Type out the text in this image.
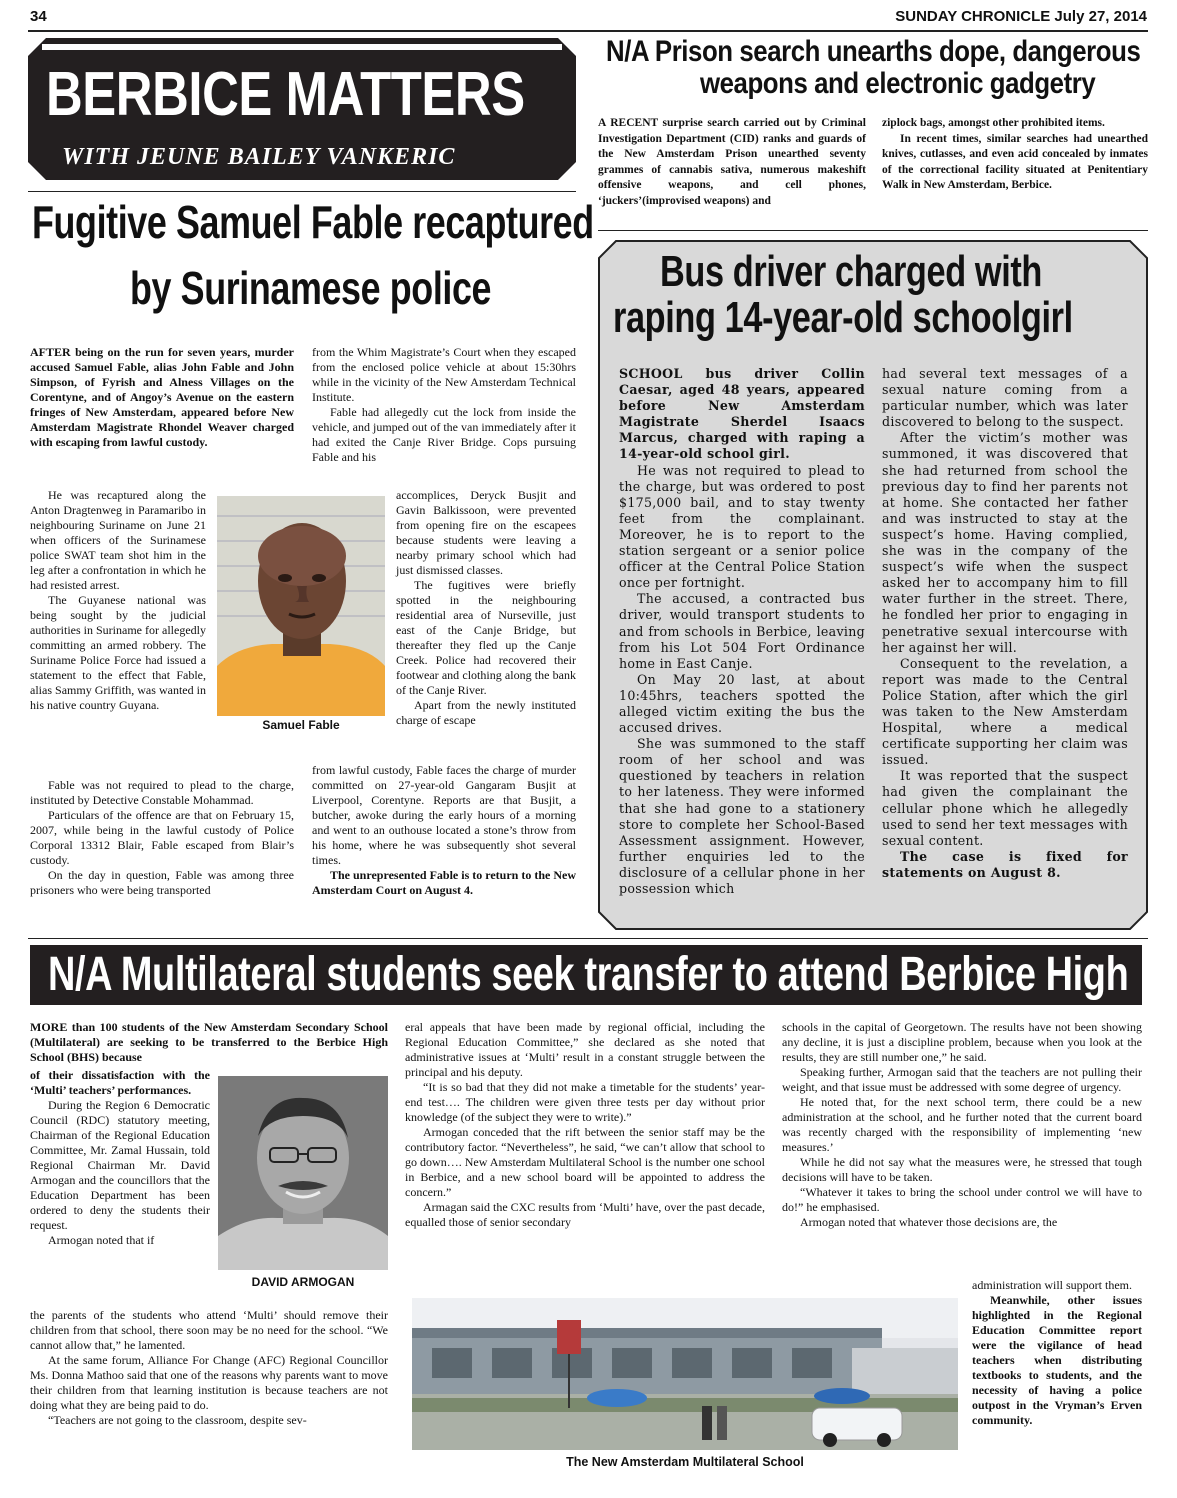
34	SUNDAY CHRONICLE July 27, 2014
BERBICE MATTERS
WITH JEUNE BAILEY VANKERIC
N/A Prison search unearths dope, dangerous
weapons and electronic gadgetry

A RECENT surprise search carried out by Criminal Investigation Department (CID) ranks and guards of the New Amsterdam Prison unearthed seventy grammes of cannabis sativa, numerous makeshift offensive weapons, and cell phones, ‘juckers’(improvised weapons) and

ziplock bags, amongst other prohibited items.

In recent times, similar searches had unearthed knives, cutlasses, and even acid concealed by inmates of the correctional facility situated at Penitentiary Walk in New Amsterdam, Berbice.

Fugitive Samuel Fable recaptured
by Surinamese police

AFTER being on the run for seven years, murder accused Samuel Fable, alias John Fable and John Simpson, of Fyrish and Alness Villages on the Corentyne, and of Angoy’s Avenue on the eastern fringes of New Amsterdam, appeared before New Amsterdam Magistrate Rhondel Weaver charged with escaping from lawful custody.

He was recaptured along the Anton Dragtenweg in Paramaribo in neighbouring Suriname on June 21 when officers of the Surinamese police SWAT team shot him in the leg after a confrontation in which he had resisted arrest.

The Guyanese national was being sought by the judicial authorities in Suriname for allegedly committing an armed robbery. The Suriname Police Force had issued a statement to the effect that Fable, alias Sammy Griffith, was wanted in his native country Guyana.

Fable was not required to plead to the charge, instituted by Detective Constable Mohammad.

Particulars of the offence are that on February 15, 2007, while being in the lawful custody of Police Corporal 13312 Blair, Fable escaped from Blair’s custody.

On the day in question, Fable was among three prisoners who were being transported

Samuel Fable

from the Whim Magistrate’s Court when they escaped from the enclosed police vehicle at about 15:30hrs while in the vicinity of the New Amsterdam Technical Institute.

Fable had allegedly cut the lock from inside the vehicle, and jumped out of the van immediately after it had exited the Canje River Bridge. Cops pursuing Fable and his

accomplices, Deryck Busjit and Gavin Balkissoon, were prevented from opening fire on the escapees because students were leaving a nearby primary school which had just dismissed classes.

The fugitives were briefly spotted in the neighbouring residential area of Nurseville, just east of the Canje Bridge, but thereafter they fled up the Canje Creek. Police had recovered their footwear and clothing along the bank of the Canje River.

Apart from the newly instituted charge of escape

from lawful custody, Fable faces the charge of murder committed on 27-year-old Gangaram Busjit at Liverpool, Corentyne. Reports are that Busjit, a butcher, awoke during the early hours of a morning and went to an outhouse located a stone’s throw from his home, where he was subsequently shot several times.

The unrepresented Fable is to return to the New Amsterdam Court on August 4.

Bus driver charged with
raping 14-year-old schoolgirl

SCHOOL bus driver Collin Caesar, aged 48 years, appeared before New Amsterdam Magistrate Sherdel Isaacs Marcus, charged with raping a 14-year-old school girl.

He was not required to plead to the charge, but was ordered to post $175,000 bail, and to stay twenty feet from the complainant. Moreover, he is to report to the station sergeant or a senior police officer at the Central Police Station once per fortnight.

The accused, a contracted bus driver, would transport students to and from schools in Berbice, leaving from his Lot 504 Fort Ordinance home in East Canje.

On May 20 last, at about 10:45hrs, teachers spotted the alleged victim exiting the bus the accused drives.

She was summoned to the staff room of her school and was questioned by teachers in relation to her lateness. They were informed that she had gone to a stationery store to complete her School-Based Assessment assignment. However, further enquiries led to the disclosure of a cellular phone in her possession which

had several text messages of a sexual nature coming from a particular number, which was later discovered to belong to the suspect.

After the victim’s mother was summoned, it was discovered that she had returned from school the previous day to find her parents not at home. She contacted her father and was instructed to stay at the suspect’s home. Having complied, she was in the company of the suspect’s wife when the suspect asked her to accompany him to fill water further in the street. There, he fondled her prior to engaging in penetrative sexual intercourse with her against her will.

Consequent to the revelation, a report was made to the Central Police Station, after which the girl was taken to the New Amsterdam Hospital, where a medical certificate supporting her claim was issued.

It was reported that the suspect had given the complainant the cellular phone which he allegedly used to send her text messages with sexual content.

The case is fixed for statements on August 8.

N/A Multilateral students seek transfer to attend Berbice High

MORE than 100 students of the New Amsterdam Secondary School (Multilateral) are seeking to be transferred to the Berbice High School (BHS) because

of their dissatisfaction with the ‘Multi’ teachers’ performances.

During the Region 6 Democratic Council (RDC) statutory meeting, Chairman of the Regional Education Committee, Mr. Zamal Hussain, told Regional Chairman Mr. David Armogan and the councillors that the Education Department has been ordered to deny the students their request.

Armogan noted that if

the parents of the students who attend ‘Multi’ should remove their children from that school, there soon may be no need for the school. “We cannot allow that,” he lamented.

At the same forum, Alliance For Change (AFC) Regional Councillor Ms. Donna Mathoo said that one of the reasons why parents want to move their children from that learning institution is because teachers are not doing what they are being paid to do.

“Teachers are not going to the classroom, despite sev-

DAVID ARMOGAN

eral appeals that have been made by regional official, including the Regional Education Committee,” she declared as she noted that administrative issues at ‘Multi’ result in a constant struggle between the principal and his deputy.

“It is so bad that they did not make a timetable for the students’ year-end test…. The children were given three tests per day without prior knowledge (of the subject they were to write).”

Armogan conceded that the rift between the senior staff may be the contributory factor. “Nevertheless”, he said, “we can’t allow that school to go down…. New Amsterdam Multilateral School is the number one school in Berbice, and a new school board will be appointed to address the concern.”

Armagan said the CXC results from ‘Multi’ have, over the past decade, equalled those of senior secondary

schools in the capital of Georgetown. The results have not been showing any decline, it is just a discipline problem, because when you look at the results, they are still number one,” he said.

Speaking further, Armogan said that the teachers are not pulling their weight, and that issue must be addressed with some degree of urgency.

He noted that, for the next school term, there could be a new administration at the school, and he further noted that the current board was recently charged with the responsibility of implementing ‘new measures.’

While he did not say what the measures were, he stressed that tough decisions will have to be taken.

“Whatever it takes to bring the school under control we will have to do!” he emphasised.

Armogan noted that whatever those decisions are, the

administration will support them.

Meanwhile, other issues highlighted in the Regional Education Committee report were the vigilance of head teachers when distributing textbooks to students, and the necessity of having a police outpost in the Vryman’s Erven community.

The New Amsterdam Multilateral School
